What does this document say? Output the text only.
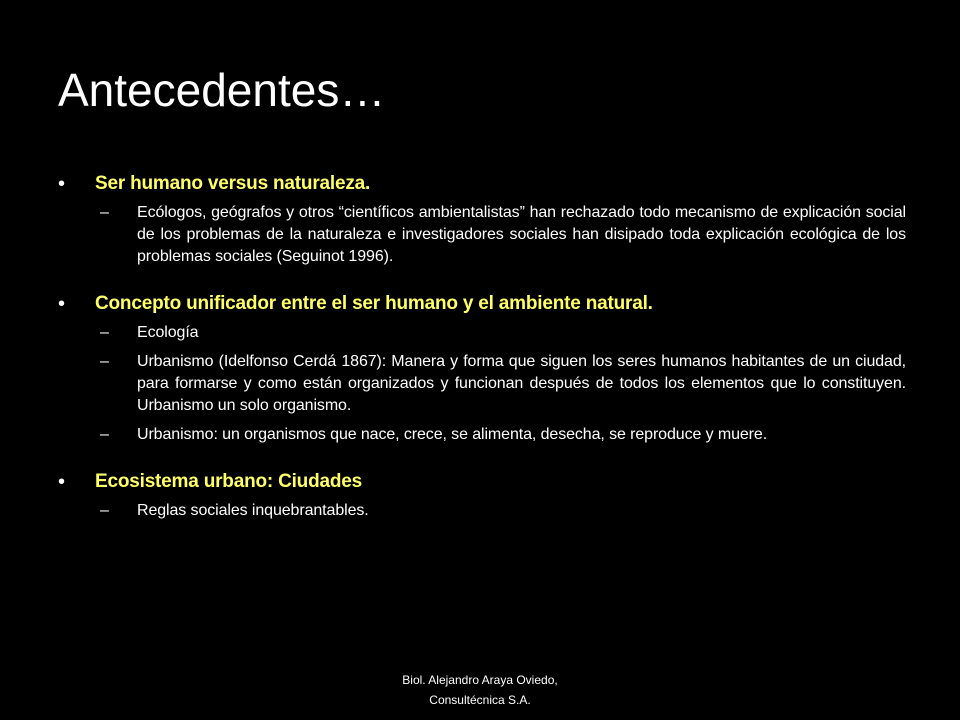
Antecedentes…
• Ser humano versus naturaleza.
– Ecólogos, geógrafos y otros “científicos ambientalistas” han rechazado todo mecanismo de explicación social de los problemas de la naturaleza e investigadores sociales han disipado toda explicación ecológica de los problemas sociales (Seguinot 1996).
• Concepto unificador entre el ser humano y el ambiente natural.
– Ecología
– Urbanismo (Idelfonso Cerdá 1867): Manera y forma que siguen los seres humanos habitantes de un ciudad, para formarse y como están organizados y funcionan después de todos los elementos que lo constituyen. Urbanismo un solo organismo.
– Urbanismo: un organismos que nace, crece, se alimenta, desecha, se reproduce y muere.
• Ecosistema urbano: Ciudades
– Reglas sociales inquebrantables.
Biol. Alejandro Araya Oviedo,
Consultécnica S.A.
